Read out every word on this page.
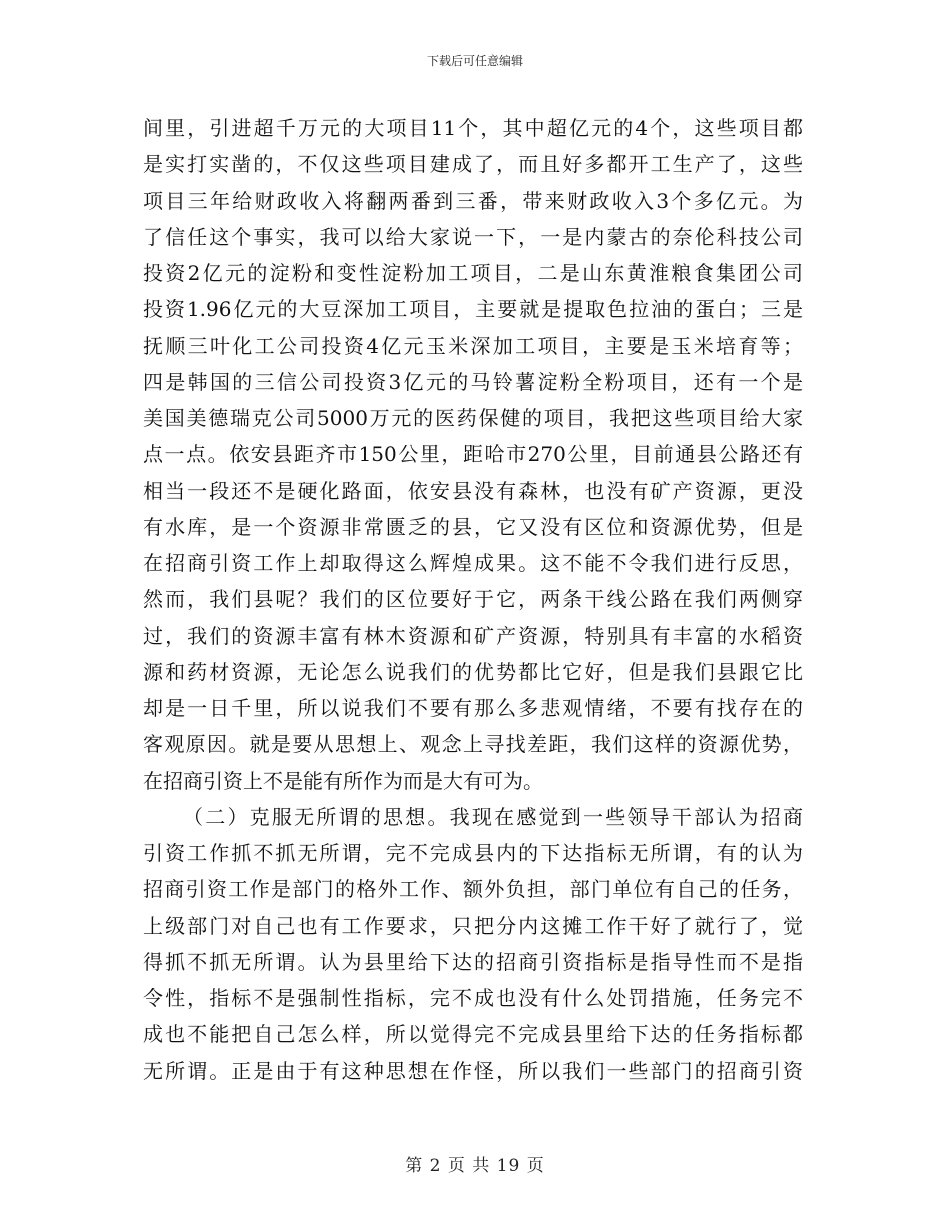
下载后可任意编辑
间里，引进超千万元的大项目11个，其中超亿元的4个，这些项目都
是实打实凿的，不仅这些项目建成了，而且好多都开工生产了，这些
项目三年给财政收入将翻两番到三番，带来财政收入3个多亿元。为
了信任这个事实，我可以给大家说一下，一是内蒙古的奈伦科技公司
投资2亿元的淀粉和变性淀粉加工项目，二是山东黄淮粮食集团公司
投资1.96亿元的大豆深加工项目，主要就是提取色拉油的蛋白；三是
抚顺三叶化工公司投资4亿元玉米深加工项目，主要是玉米培育等；
四是韩国的三信公司投资3亿元的马铃薯淀粉全粉项目，还有一个是
美国美德瑞克公司5000万元的医药保健的项目，我把这些项目给大家
点一点。依安县距齐市150公里，距哈市270公里，目前通县公路还有
相当一段还不是硬化路面，依安县没有森林，也没有矿产资源，更没
有水库，是一个资源非常匮乏的县，它又没有区位和资源优势，但是
在招商引资工作上却取得这么辉煌成果。这不能不令我们进行反思，
然而，我们县呢？我们的区位要好于它，两条干线公路在我们两侧穿
过，我们的资源丰富有林木资源和矿产资源，特别具有丰富的水稻资
源和药材资源，无论怎么说我们的优势都比它好，但是我们县跟它比
却是一日千里，所以说我们不要有那么多悲观情绪，不要有找存在的
客观原因。就是要从思想上、观念上寻找差距，我们这样的资源优势，
在招商引资上不是能有所作为而是大有可为。
（二）克服无所谓的思想。我现在感觉到一些领导干部认为招商
引资工作抓不抓无所谓，完不完成县内的下达指标无所谓，有的认为
招商引资工作是部门的格外工作、额外负担，部门单位有自己的任务，
上级部门对自己也有工作要求，只把分内这摊工作干好了就行了，觉
得抓不抓无所谓。认为县里给下达的招商引资指标是指导性而不是指
令性，指标不是强制性指标，完不成也没有什么处罚措施，任务完不
成也不能把自己怎么样，所以觉得完不完成县里给下达的任务指标都
无所谓。正是由于有这种思想在作怪，所以我们一些部门的招商引资
第 2 页 共 19 页
